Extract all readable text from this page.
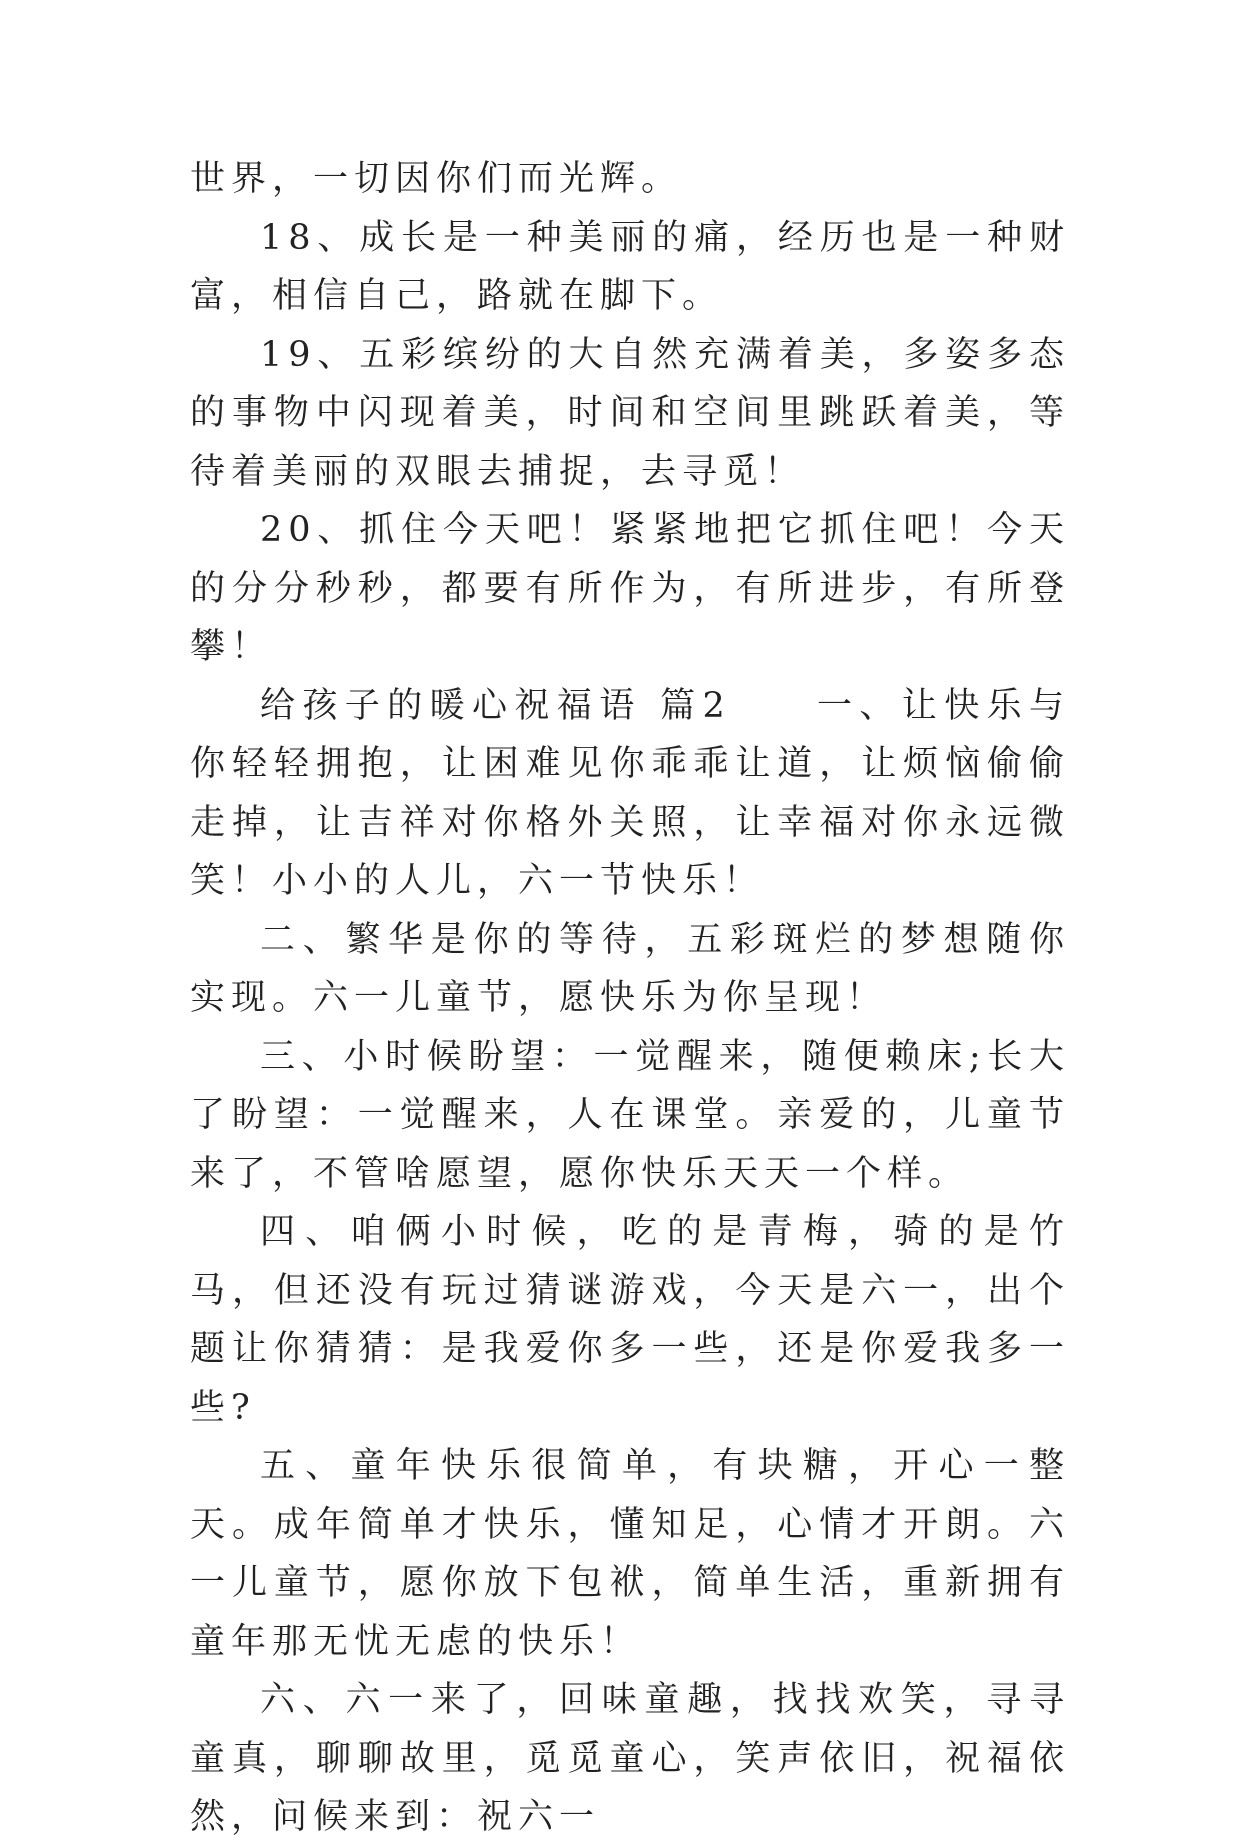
世界，一切因你们而光辉。

18、成长是一种美丽的痛，经历也是一种财富，相信自己，路就在脚下。

19、五彩缤纷的大自然充满着美，多姿多态的事物中闪现着美，时间和空间里跳跃着美，等待着美丽的双眼去捕捉，去寻觅！

20、抓住今天吧！紧紧地把它抓住吧！今天的分分秒秒，都要有所作为，有所进步，有所登攀！

给孩子的暖心祝福语 篇2　　一、让快乐与你轻轻拥抱，让困难见你乖乖让道，让烦恼偷偷走掉，让吉祥对你格外关照，让幸福对你永远微笑！小小的人儿，六一节快乐！

二、繁华是你的等待，五彩斑烂的梦想随你实现。六一儿童节，愿快乐为你呈现！

三、小时候盼望：一觉醒来，随便赖床;长大了盼望：一觉醒来，人在课堂。亲爱的，儿童节来了，不管啥愿望，愿你快乐天天一个样。

四、咱俩小时候，吃的是青梅，骑的是竹马，但还没有玩过猜谜游戏，今天是六一，出个题让你猜猜：是我爱你多一些，还是你爱我多一些?

五、童年快乐很简单，有块糖，开心一整天。成年简单才快乐，懂知足，心情才开朗。六一儿童节，愿你放下包袱，简单生活，重新拥有童年那无忧无虑的快乐！

六、六一来了，回味童趣，找找欢笑，寻寻童真，聊聊故里，觅觅童心，笑声依旧，祝福依然，问候来到：祝六一
